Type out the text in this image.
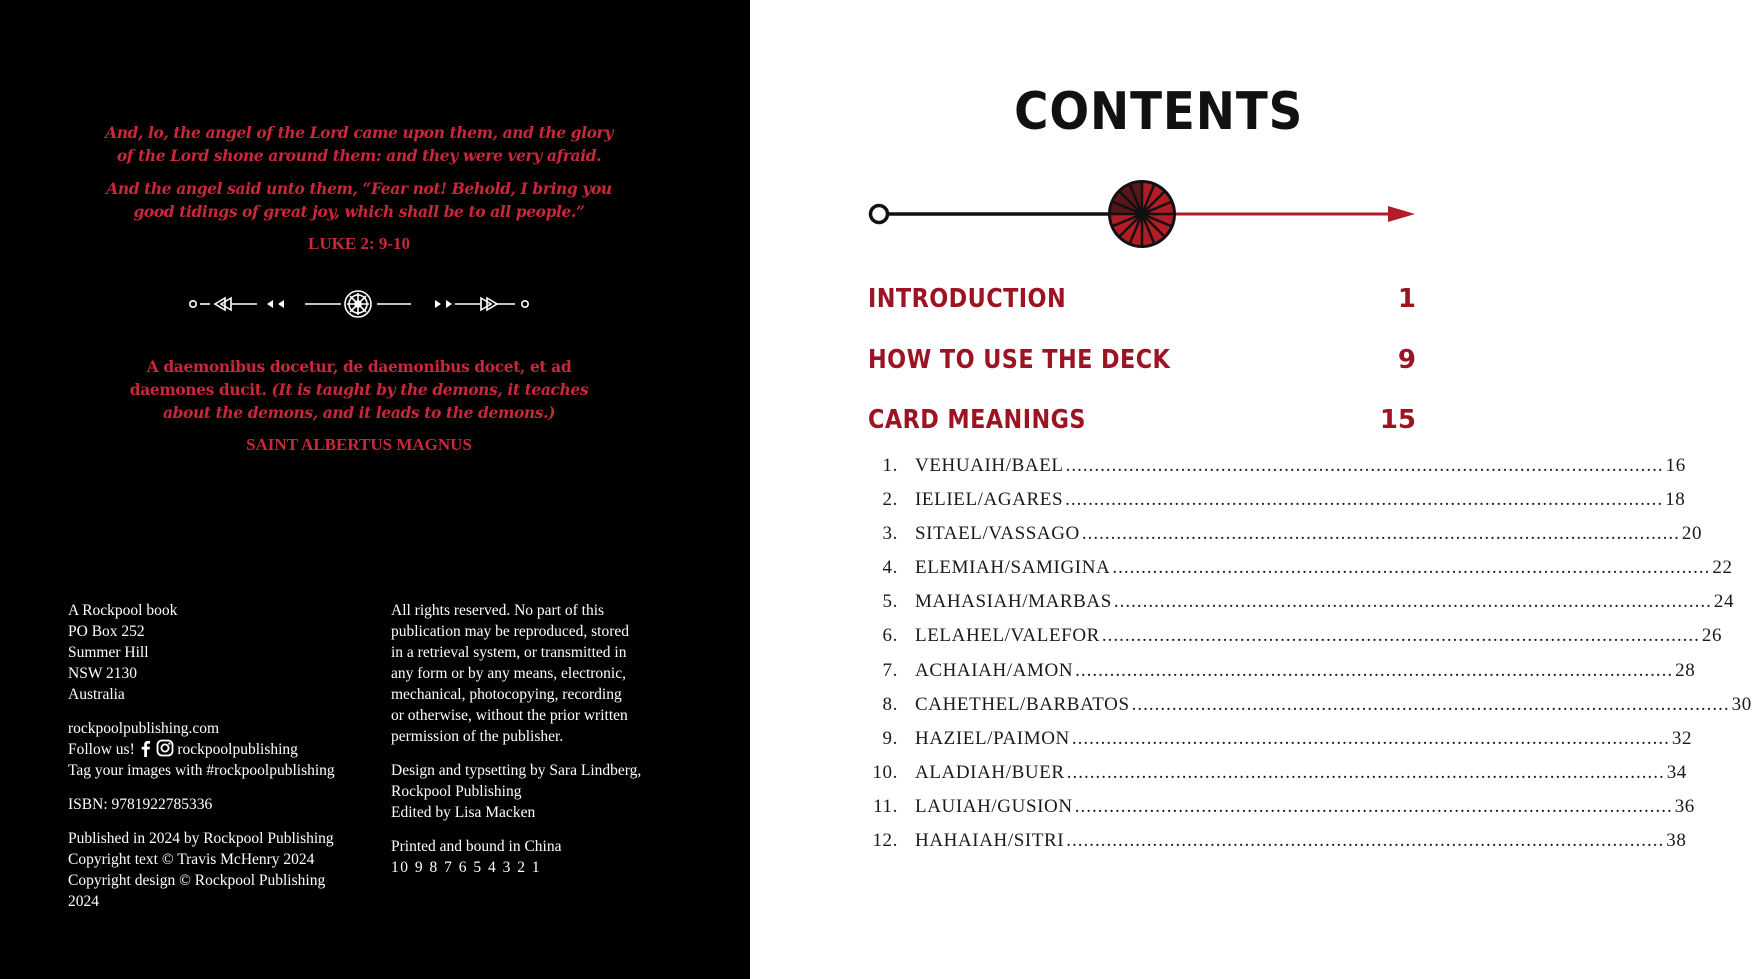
And, lo, the angel of the Lord came upon them, and the glory

of the Lord shone around them: and they were very afraid.

And the angel said unto them, “Fear not! Behold, I bring you

good tidings of great joy, which shall be to all people.”

LUKE 2: 9-10

A daemonibus docetur, de daemonibus docet, et ad

daemones ducit. (It is taught by the demons, it teaches

about the demons, and it leads to the demons.)

SAINT ALBERTUS MAGNUS

A Rockpool book

PO Box 252

Summer Hill

NSW 2130

Australia

rockpoolpublishing.com

Follow us!	rockpoolpublishing

Tag your images with #rockpoolpublishing

ISBN: 9781922785336

Published in 2024 by Rockpool Publishing

Copyright text © Travis McHenry 2024

Copyright design © Rockpool Publishing

2024

All rights reserved. No part of this

publication may be reproduced, stored

in a retrieval system, or transmitted in

any form or by any means, electronic,

mechanical, photocopying, recording

or otherwise, without the prior written

permission of the publisher.

Design and typsetting by Sara Lindberg,

Rockpool Publishing

Edited by Lisa Macken

Printed and bound in China

10 9 8 7 6 5 4 3 2 1

CONTENTS
INTRODUCTION	1
HOW TO USE THE DECK	9
CARD MEANINGS	15
1. VEHUAIH/BAEL ........................................................................................................ 16
2. IELIEL/AGARES ........................................................................................................ 18
3. SITAEL/VASSAGO ........................................................................................................ 20
4. ELEMIAH/SAMIGINA ........................................................................................................ 22
5. MAHASIAH/MARBAS ........................................................................................................ 24
6. LELAHEL/VALEFOR ........................................................................................................ 26
7. ACHAIAH/AMON ........................................................................................................ 28
8. CAHETHEL/BARBATOS ........................................................................................................ 30
9. HAZIEL/PAIMON ........................................................................................................ 32
10. ALADIAH/BUER ........................................................................................................ 34
11. LAUIAH/GUSION ........................................................................................................ 36
12. HAHAIAH/SITRI ........................................................................................................ 38
